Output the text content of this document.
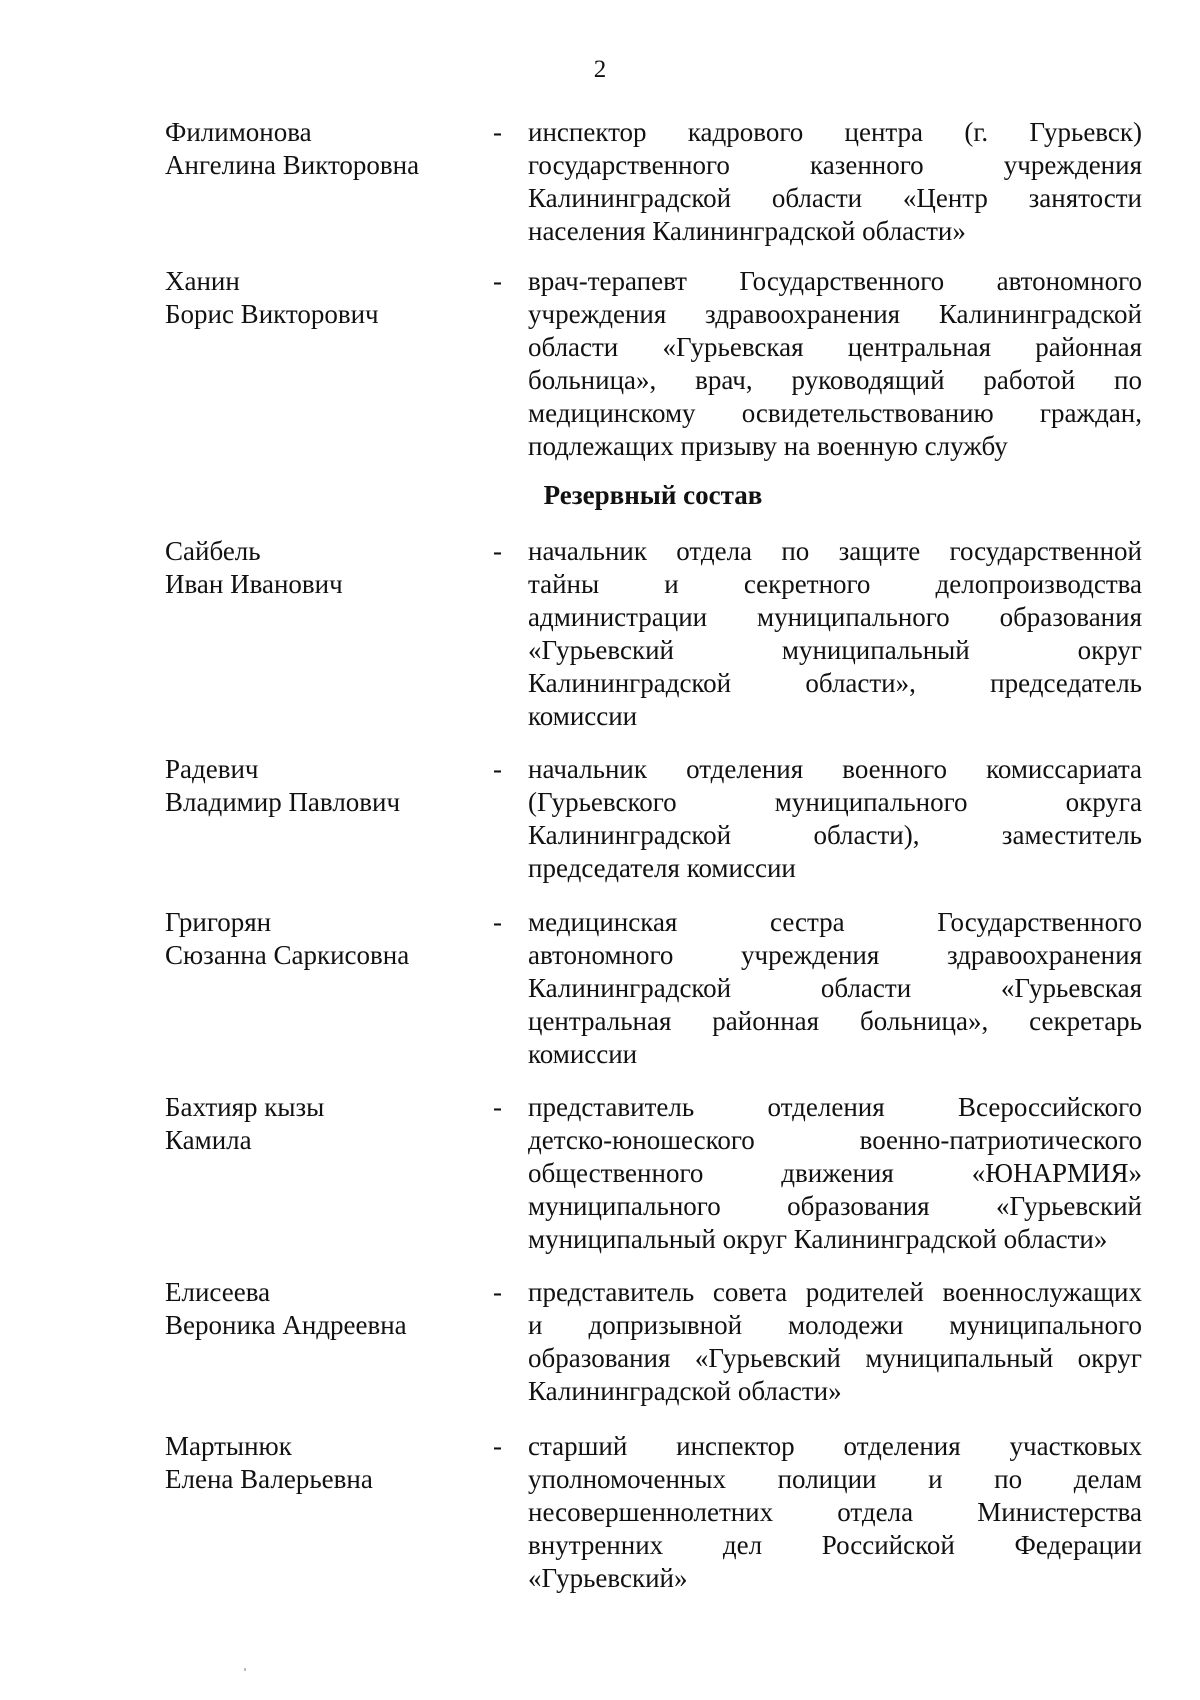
2
Филимонова
Ангелина Викторовна
- инспектор кадрового центра (г. Гурьевск)
государственного казенного учреждения
Калининградской области «Центр занятости
населения Калининградской области»
Ханин
Борис Викторович
- врач-терапевт Государственного автономного
учреждения здравоохранения Калининградской
области «Гурьевская центральная районная
больница», врач, руководящий работой по
медицинскому освидетельствованию граждан,
подлежащих призыву на военную службу
Резервный состав
Сайбель
Иван Иванович
- начальник отдела по защите государственной
тайны и секретного делопроизводства
администрации муниципального образования
«Гурьевский муниципальный округ
Калининградской области», председатель
комиссии
Радевич
Владимир Павлович
- начальник отделения военного комиссариата
(Гурьевского муниципального округа
Калининградской области), заместитель
председателя комиссии
Григорян
Сюзанна Саркисовна
- медицинская сестра Государственного
автономного учреждения здравоохранения
Калининградской области «Гурьевская
центральная районная больница», секретарь
комиссии
Бахтияр кызы
Камила
- представитель отделения Всероссийского
детско-юношеского военно-патриотического
общественного движения «ЮНАРМИЯ»
муниципального образования «Гурьевский
муниципальный округ Калининградской области»
Елисеева
Вероника Андреевна
- представитель совета родителей военнослужащих
и допризывной молодежи муниципального
образования «Гурьевский муниципальный округ
Калининградской области»
Мартынюк
Елена Валерьевна
- старший инспектор отделения участковых
уполномоченных полиции и по делам
несовершеннолетних отдела Министерства
внутренних дел Российской Федерации
«Гурьевский»
